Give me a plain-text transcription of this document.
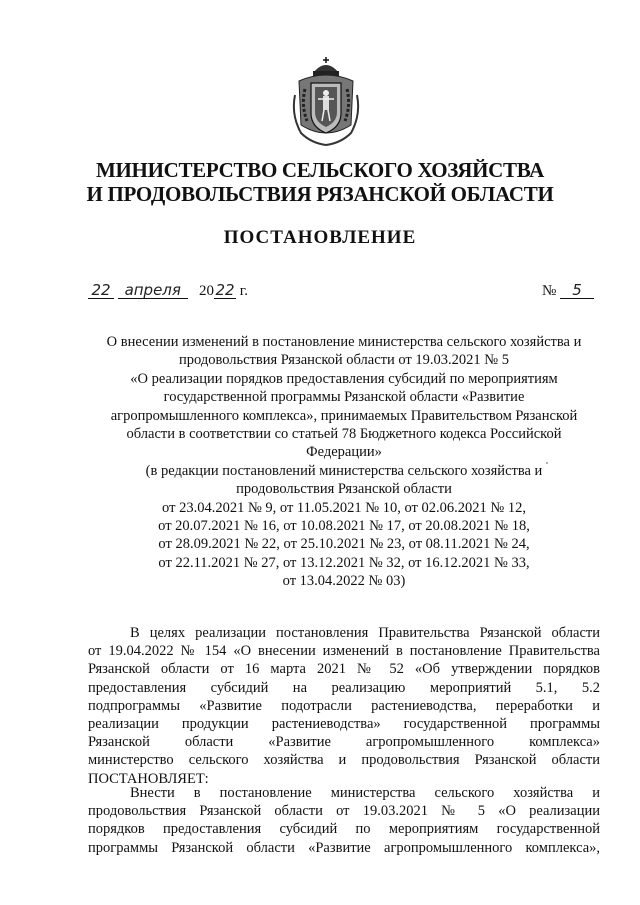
МИНИСТЕРСТВО СЕЛЬСКОГО ХОЗЯЙСТВА
И ПРОДОВОЛЬСТВИЯ РЯЗАНСКОЙ ОБЛАСТИ
ПОСТАНОВЛЕНИЕ
22 апреля 2022 г.	№ 5
О внесении изменений в постановление министерства сельского хозяйства и
продовольствия Рязанской области от 19.03.2021 № 5
«О реализации порядков предоставления субсидий по мероприятиям
государственной программы Рязанской области «Развитие
агропромышленного комплекса», принимаемых Правительством Рязанской
области в соответствии со статьей 78 Бюджетного кодекса Российской
Федерации»
(в редакции постановлений министерства сельского хозяйства и
продовольствия Рязанской области
от 23.04.2021 № 9, от 11.05.2021 № 10, от 02.06.2021 № 12,
от 20.07.2021 № 16, от 10.08.2021 № 17, от 20.08.2021 № 18,
от 28.09.2021 № 22, от 25.10.2021 № 23, от 08.11.2021 № 24,
от 22.11.2021 № 27, от 13.12.2021 № 32, от 16.12.2021 № 33,
от 13.04.2022 № 03)
В целях реализации постановления Правительства Рязанской области
от 19.04.2022 № 154 «О внесении изменений в постановление Правительства
Рязанской области от 16 марта 2021 № 52 «Об утверждении порядков
предоставления субсидий на реализацию мероприятий 5.1, 5.2
подпрограммы «Развитие подотрасли растениеводства, переработки и
реализации продукции растениеводства» государственной программы
Рязанской области «Развитие агропромышленного комплекса»
министерство сельского хозяйства и продовольствия Рязанской области
ПОСТАНОВЛЯЕТ:
Внести в постановление министерства сельского хозяйства и
продовольствия Рязанской области от 19.03.2021 № 5 «О реализации
порядков предоставления субсидий по мероприятиям государственной
программы Рязанской области «Развитие агропромышленного комплекса»,
